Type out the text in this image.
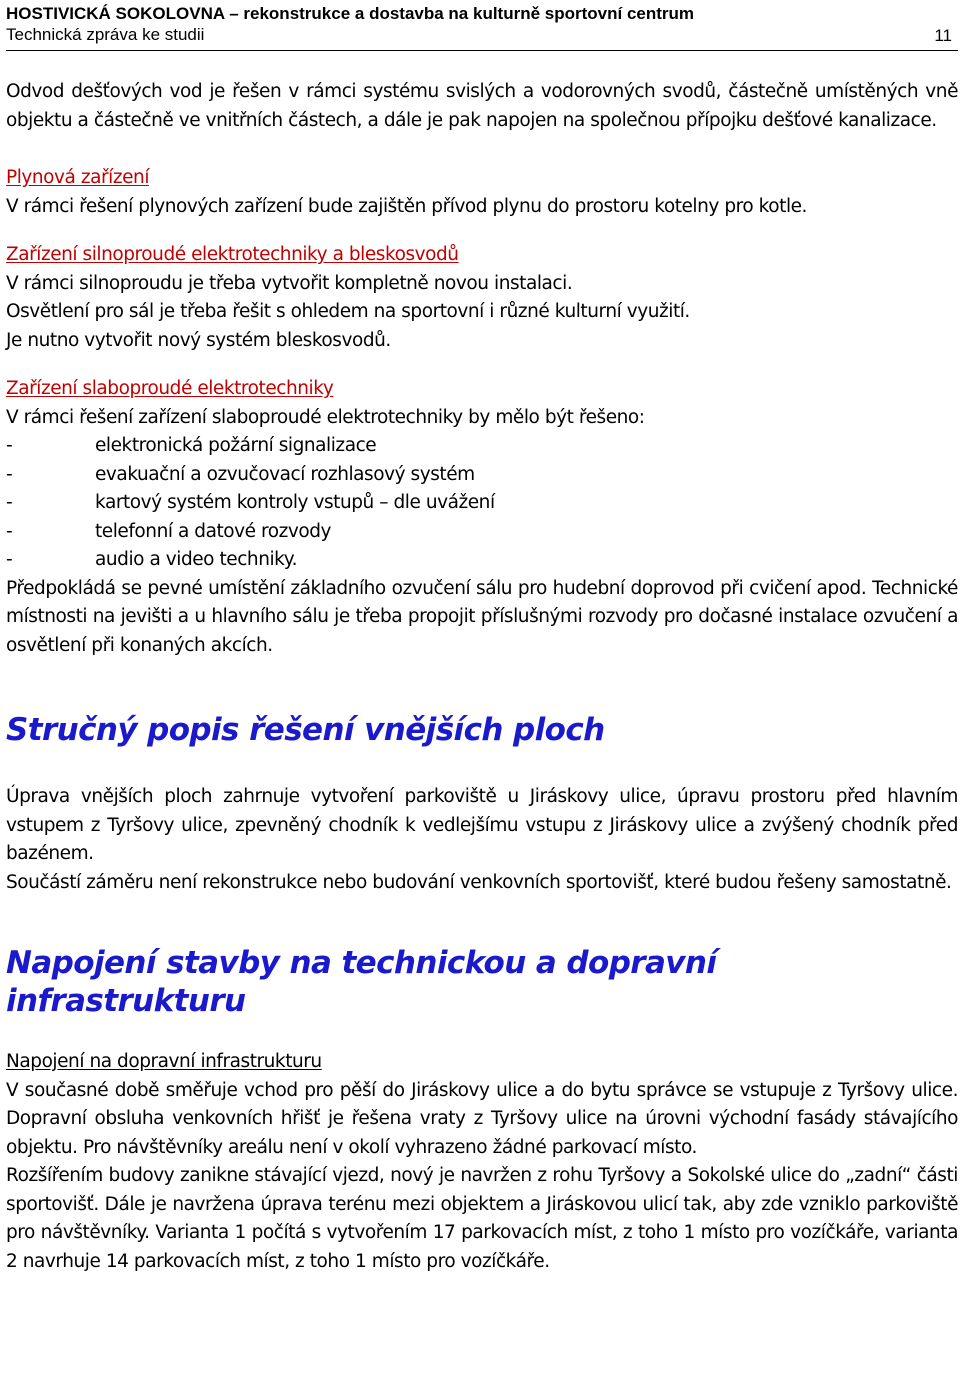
HOSTIVICKÁ SOKOLOVNA – rekonstrukce a dostavba na kulturně sportovní centrum
Technická zpráva ke studii	11

Odvod dešťových vod je řešen v rámci systému svislých a vodorovných svodů, částečně umístěných vně objektu a částečně ve vnitřních částech, a dále je pak napojen na společnou přípojku dešťové kanalizace.

Plynová zařízení

V rámci řešení plynových zařízení bude zajištěn přívod plynu do prostoru kotelny pro kotle.

Zařízení silnoproudé elektrotechniky a bleskosvodů

V rámci silnoproudu je třeba vytvořit kompletně novou instalaci.

Osvětlení pro sál je třeba řešit s ohledem na sportovní i různé kulturní využití.

Je nutno vytvořit nový systém bleskosvodů.

Zařízení slaboproudé elektrotechniky

V rámci řešení zařízení slaboproudé elektrotechniky by mělo být řešeno:

-	elektronická požární signalizace
-	evakuační a ozvučovací rozhlasový systém
-	kartový systém kontroly vstupů – dle uvážení
-	telefonní a datové rozvody
-	audio a video techniky.

Předpokládá se pevné umístění základního ozvučení sálu pro hudební doprovod při cvičení apod. Technické místnosti na jevišti a u hlavního sálu je třeba propojit příslušnými rozvody pro dočasné instalace ozvučení a osvětlení při konaných akcích.

Stručný popis řešení vnějších ploch

Úprava vnějších ploch zahrnuje vytvoření parkoviště u Jiráskovy ulice, úpravu prostoru před hlavním vstupem z Tyršovy ulice, zpevněný chodník k vedlejšímu vstupu z Jiráskovy ulice a zvýšený chodník před bazénem.

Součástí záměru není rekonstrukce nebo budování venkovních sportovišť, které budou řešeny samostatně.

Napojení stavby na technickou a dopravní infrastrukturu

Napojení na dopravní infrastrukturu

V současné době směřuje vchod pro pěší do Jiráskovy ulice a do bytu správce se vstupuje z Tyršovy ulice. Dopravní obsluha venkovních hřišť je řešena vraty z Tyršovy ulice na úrovni východní fasády stávajícího objektu. Pro návštěvníky areálu není v okolí vyhrazeno žádné parkovací místo.

Rozšířením budovy zanikne stávající vjezd, nový je navržen z rohu Tyršovy a Sokolské ulice do „zadní“ části sportovišť. Dále je navržena úprava terénu mezi objektem a Jiráskovou ulicí tak, aby zde vzniklo parkoviště pro návštěvníky. Varianta 1 počítá s vytvořením 17 parkovacích míst, z toho 1 místo pro vozíčkáře, varianta 2 navrhuje 14 parkovacích míst, z toho 1 místo pro vozíčkáře.
